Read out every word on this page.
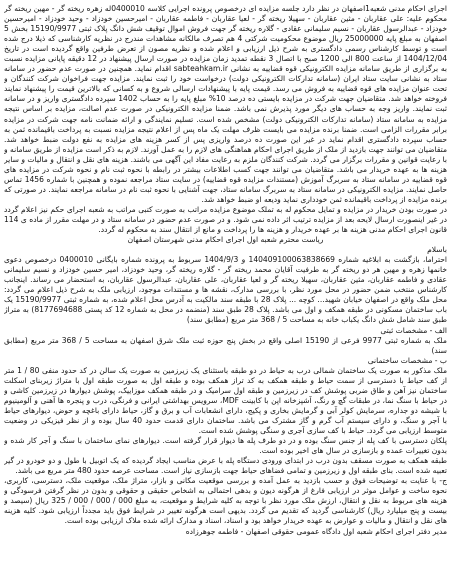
اجرای احکام مدنی شعبه1اصفهان در نظر دارد جلسه مزایده ای درخصوص پرونده اجرایی کلاسه 0400010له زهره ریخته گر - مهین ریخته گر محکوم علیه: علی عقاربان - مثین عقاربان - سهیلا ریخته گر - لعیا عقاربان - فاطمه عقاربان - امیرحسین خودزاد - وحید خودزاد - امیرحسین خودزاد - عبدالرسول عقاربان - نسیم سلیمانی عقادی - گلاره ریخته گر جهت فروش اموال توقیف شش دانگ پلاک ثبتی 15190/9977 بخش 5 اصفهان به مبلغ پایه 25000000 ریال موضوع محکومیت شرکتی 4 هم تصرف مالکانه مشاهدات مندرج در نظریه کارشناسی که ذیلا درج شده است و توسط کارشناس رسمی دادگستری به شرح ذیل ارزیابی و اعلام شده و نظریه مصون از تعرض طرفین واقع گردیده است در تاریخ 1404/12/04 از ساعت 800 الی 1200 صبح با اتصال 3 نقطه تمدید زمان مزایده در صورت ارسال پیشنهاد در 12 دقیقه پایانی مزایده نسبت به برگزاری از طریق سامانه مزایده الکترونیکی قوه قضاییه به نشانی sabteahkam.ir اقدام نماید. همچنین در صورت عدم حضور در سامانه ستاد به نشانی سایت ستاد ایران (سامانه تدارکات الکترونیکی دولت) درخواست خود را ثبت نمایند. مزایده جهت فراخوان شرکت کنندگان و تحت عنوان مزایده های قوه قضاییه به فروش می رسد. قیمت پایه با پیشنهادات ارسالی شروع و به کسانی که بالاترین قیمت را پیشنهاد نمایند فروخته خواهد شد. متقاضیان جهت شرکت در مزایده بایستی ده درصد 10% مبلغ پایه را به حساب 1402 سپرده دادگستری واریز و در سامانه ثبت نمایند. واریز وجه به حساب های دیگر مورد پذیرش نمی باشد. ضمنا مزایده الکترونیکی در صورت عدم اصالت، مزایده بر اساس نتیجه مزایده به سامانه ستاد (سامانه تدارکات الکترونیکی دولت) مشخص شده است. تسلیم نمایندگی و ارائه ضمانت نامه جهت شرکت در مزایده برابر مقررات الزامی است. ضمنا برنده مزایده می بایست ظرف مهلت یک ماه پس از اعلام نتیجه مزایده نسبت به پرداخت باقیمانده ثمن به حساب سپرده دادگستری اقدام نماید در غیر این صورت ده درصد واریزی پس از کسر هزینه های مزایده به نفع دولت ضبط خواهد شد. متقاضیان می توانند جهت بازدید از ملک از طریق اجرای احکام هماهنگی های لازم را به عمل آورند. لازم به ذکر است مزایده از طریق سامانه و با رعایت قوانین و مقررات برگزار می گردد. شرکت کنندگان ملزم به رعایت مفاد این آگهی می باشند. هزینه های نقل و انتقال و مالیات و سایر هزینه ها به عهده خریدار می باشد. متقاضیان می توانند جهت کسب اطلاعات بیشتر در رابطه با نحوه ثبت نام و نحوه شرکت در مزایده های قوه قضاییه در سامانه ستاد به سربرگ آموزش (مستندات مزایده قوه قضاییه) در سایت ستاد مراجعه نموده و همچنین با شماره 1456 تماس حاصل نمایند. مزایده الکترونیکی در سامانه ستاد به سربرگ سامانه ستاد، جهت آشنایی با نحوه ثبت نام در سامانه مراجعه نمایند. در صورتی که برنده مزایده از پرداخت باقیمانده ثمن خودداری نماید ودیعه او ضبط خواهد شد.

در صورت بودن خریدار در مزایده و تمایل محکوم له به تملک موضوع مزایده مراتب به صورت کتبی مراتب به شعبه اجرای حکم نیز اعلام گردد در غیر اینصورت ارسال لایحه بعد از مزایده ترتیب اثر داده نمی شود. و در صورت عدم حضور در سامانه ستاد و در مهلت مقرر از ماده ی 114 قانون اجرای احکام مدنی هزینه ها بر عهده خریدار و هزینه ها را پرداخت و مانع از انتقال سند به محکوم له گردد.

ریاست محترم شعبه اول اجرای احکام مدنی شهرستان اصفهان

باسلام

احتراما، بازگشت به ابلاغیه شماره 140409100063838669 و 1404/9/3 سربوط به پرونده شماره بایگانی 0400010 درخصوص دعوی خانمها زهره و مهین هر دو ریخته گر به طرفیت آقایان محمد ریخته گر - گلاره ریخته گر، وحید خودزاد، امیر حسین خودزاد و نسیم سلیمانی عقادی و فاطمه عقاربان، مثین عقاربان، سهیلا ریخته گر و لعیا عقاربان، علی عقاربان، عبدالرسول عقاربان، به استحضار می رساند. اینجانب کارشناس منتخب ضمن حضور در محل مورد نظر، با بررسی مدارک، نقشه ها و مستندات موجود، ارزیابی ملک به شرح ذیل اعلام می گردد: محل ملک واقع در اصفهان خیابان شهید... کوچه ... پلاک 28 با طبقه سند مالکیت به آدرس محل اعلام شده، به شماره ثبتی 15190/9977 یک باب ساختمان مسکونی در طبقه همکف و اول می باشد. پلاک 28 طبق سند (منضمه در محل به شماره 12 کد پستی 8177694688) به متراژ طبق سند شامل شش دانگ یکباب خانه به مساحت 5 / 368 متر مربع (مطابق سند)

الف - مشخصات ثبتی

ملک به شماره ثبتی 9977 فرعی از 15190 اصلی واقع در بخش پنج حوزه ثبت ملک شرق اصفهان به مساحت 5 / 368 متر مربع (مطابق سند)

ب - مشخصات ساختمانی

ملک مذکور به صورت یک ساختمان شمالی درب به حیاط در دو طبقه باستثنای یک زیرزمین به صورت یک سالن در کد حدود منفی 80 / 1 متر از کف حیاط با دسترسی از سمت حیاط و طبقه همکف به کد تراز همکف بوده و طبقه اول به صورت طبقه اول با متراژ زیربنای اسکلت ساختمان نیز آهن و طاق ضربی پوشش کف در زیرزمین و طبقه اول سرامیک و در طبقه همکف موزاییک، پوشش دیوارها در زیرزمین کاشی و در حیاط با سنگ نما، در طبقات گچ و رنگ، آشپزخانه اپن با کابینت MDF، سرویس بهداشتی ایرانی و فرنگی، درب و پنجره ها آهنی و آلومینیوم با شیشه دو جداره، سرمایش کولر آبی و گرمایش بخاری و پکیج، دارای انشعابات آب و برق و گاز، حیاط دارای باغچه و حوض، دیوارهای حیاط با آجر و سنگ، و دارای سیستم آب گرم و گاز مشترک می باشد. ساختمان دارای قدمت حدود 40 سال بوده و از نظر فیزیکی در وضعیت متوسط ارزیابی می گردد. حیاط با کف سازی آجری و سنگی پوشش شده است.

پلکان دسترسی با کف پله از جنس سنگ بوده و در دو طرف پله ها دیوار قرار گرفته است. دیوارهای نمای ساختمان با سنگ و آجر کار شده و بدون تغییرات عمده و بازسازی در سال های اخیر بوده است.

طبقه همکف به صورت مسقف بدون درب در ابتدای ورودی دستگاه پله با عرض مناسب ایجاد گردیده که یک اتوبیل با طول و دو خودرو در گیر تعبیه شده است. بنای طبقه اول و زیرزمین و تمامی فضاهای حیاط جهت بازسازی نیاز است. مساحت عرصه حدود 480 متر مربع می باشد.

ج- با عنایت به توضیحات فوق و حسب بازدید به عمل آمده و بررسی موقعیت مکانی و بازار، متراژ ملک، موقعیت ملک، دسترسی، کاربری، نحوه ساخت و عوامل موثر در ارزیابی فارغ از هرگونه دیون و بدهی احتمالی به اشخاص حقیقی و حقوقی و بدون در نظر گرفتن فرسودگی و هزینه های مربوط به نقل و انتقال، ارزش ملک مورد نظر با توجه به کلیه شرایط و موقعیت، به مبلغ 000 / 000 / 000 / 325 ریال (سیصد و بیست و پنج میلیارد ریال) کارشناسی گردید که تقدیم می گردد. بدیهی است هرگونه تغییر در شرایط فوق باید مجدداً ارزیابی شود. کلیه هزینه های نقل و انتقال و مالیات و عوارض به عهده خریدار خواهد بود و اسناد، اسناد و مدارک ارائه شده ملاک ارزیابی بوده است.

مدیر دفتر اجرای احکام شعبه اول دادگاه عمومی حقوقی اصفهان - فاطمه جوهرزاده
